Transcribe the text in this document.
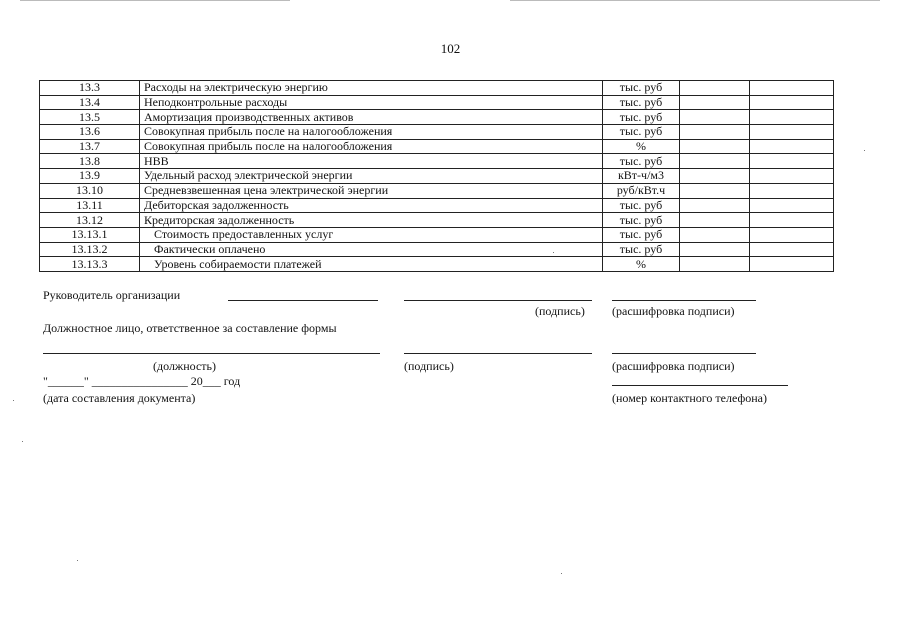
102
13.3	Расходы на электрическую энергию	тыс. руб		
13.4	Неподконтрольные расходы	тыс. руб		
13.5	Амортизация производственных активов	тыс. руб		
13.6	Совокупная прибыль после на налогообложения	тыс. руб		
13.7	Совокупная прибыль после на налогообложения	%		
13.8	НВВ	тыс. руб		
13.9	Удельный расход электрической энергии	кВт-ч/м3		
13.10	Средневзвешенная цена электрической энергии	руб/кВт.ч		
13.11	Дебиторская задолженность	тыс. руб		
13.12	Кредиторская задолженность	тыс. руб		
13.13.1	Стоимость предоставленных услуг	тыс. руб		
13.13.2	Фактически оплачено	тыс. руб		
13.13.3	Уровень собираемости платежей	%		
Руководитель организации
(подпись) (расшифровка подписи)
Должностное лицо, ответственное за составление формы
(должность)	(подпись)	(расшифровка подписи)
"______" ________________ 20___ год
(дата составления документа)	(номер контактного телефона)
